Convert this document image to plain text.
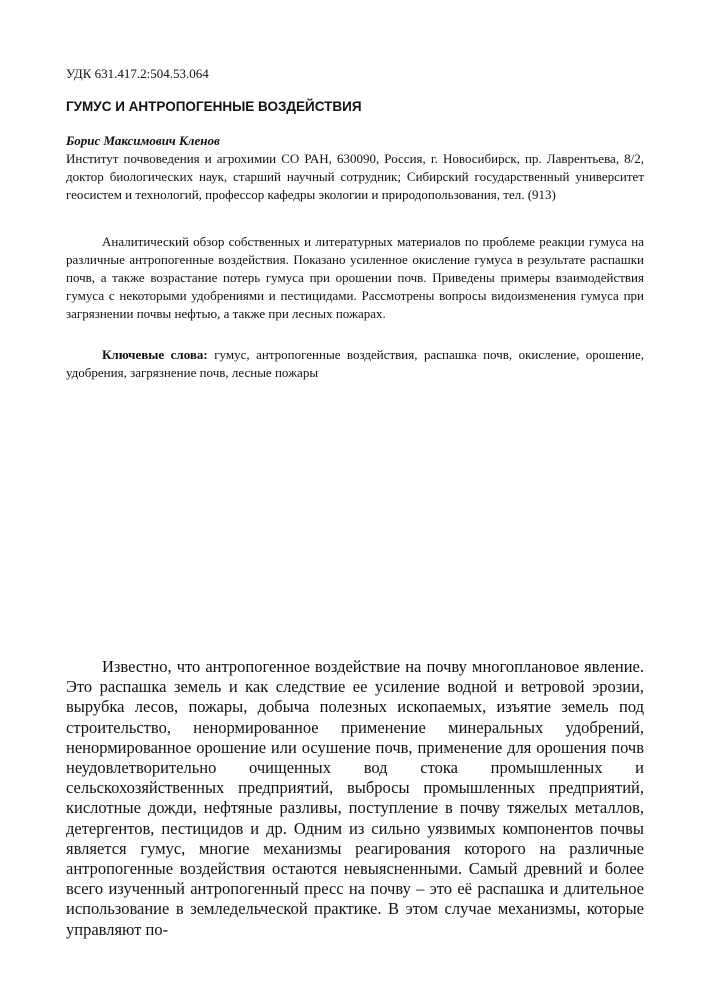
УДК 631.417.2:504.53.064

ГУМУС И АНТРОПОГЕННЫЕ ВОЗДЕЙСТВИЯ

Борис Максимович Кленов

Институт почвоведения и агрохимии СО РАН, 630090, Россия, г. Новосибирск, пр. Лаврентьева, 8/2, доктор биологических наук, старший научный сотрудник; Сибирский государственный университет геосистем и технологий, профессор кафедры экологии и природопользования, тел. (913)

Аналитический обзор собственных и литературных материалов по проблеме реакции гумуса на различные антропогенные воздействия. Показано усиленное окисление гумуса в результате распашки почв, а также возрастание потерь гумуса при орошении почв. Приведены примеры взаимодействия гумуса с некоторыми удобрениями и пестицидами. Рассмотрены вопросы видоизменения гумуса при загрязнении почвы нефтью, а также при лесных пожарах.

Ключевые слова: гумус, антропогенные воздействия, распашка почв, окисление, орошение, удобрения, загрязнение почв, лесные пожары

Известно, что антропогенное воздействие на почву многоплановое явление. Это распашка земель и как следствие ее усиление водной и ветровой эрозии, вырубка лесов, пожары, добыча полезных ископаемых, изъятие земель под строительство, ненормированное применение минеральных удобрений, ненормированное орошение или осушение почв, применение для орошения почв неудовлетворительно очищенных вод стока промышленных и сельскохозяйственных предприятий, выбросы промышленных предприятий, кислотные дожди, нефтяные разливы, поступление в почву тяжелых металлов, детергентов, пестицидов и др. Одним из сильно уязвимых компонентов почвы является гумус, многие механизмы реагирования которого на различные антропогенные воздействия остаются невыясненными. Самый древний и более всего изученный антропогенный пресс на почву – это её распашка и длительное использование в земледельческой практике. В этом случае механизмы, которые управляют по-
